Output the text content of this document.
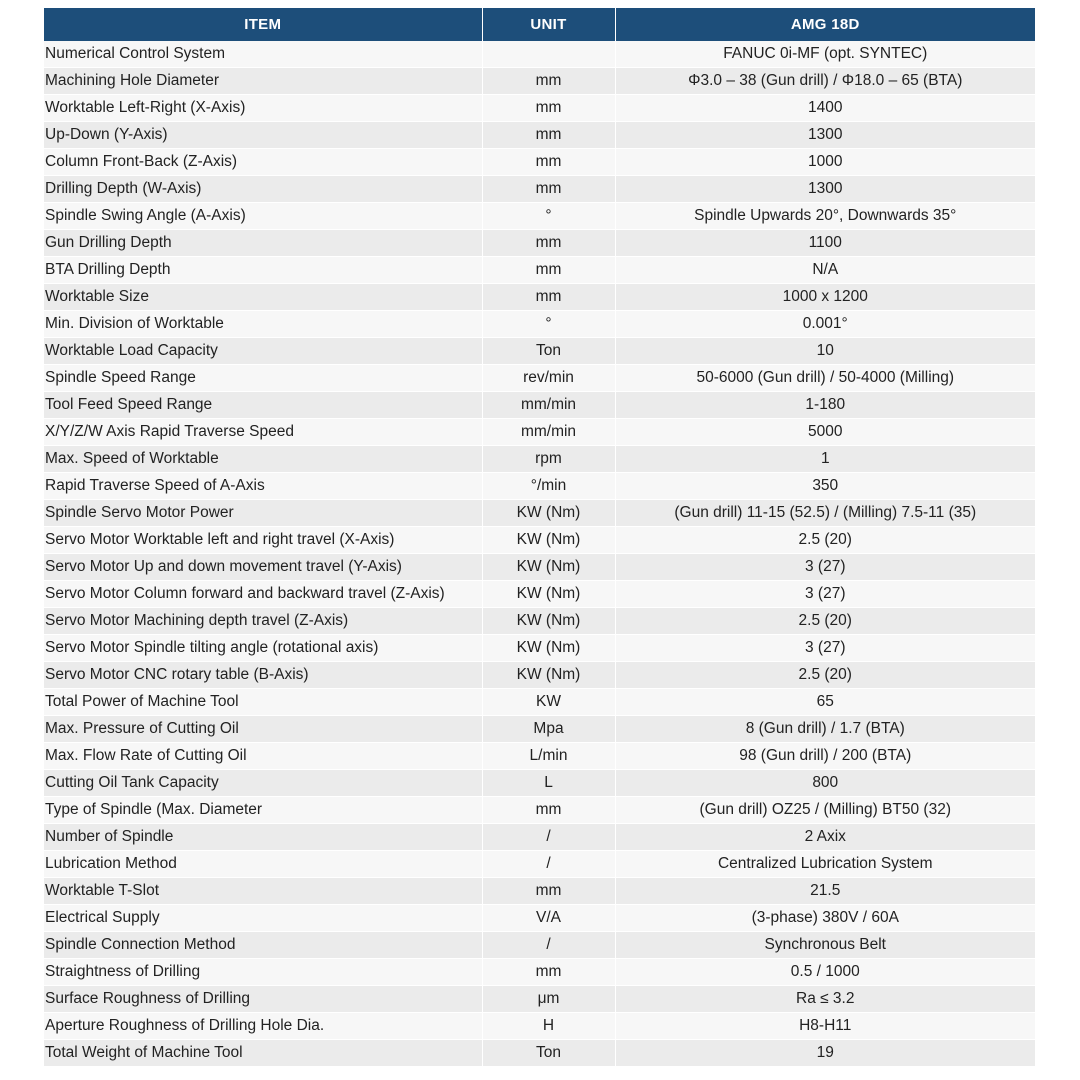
ITEM	UNIT	AMG 18D
Numerical Control System		FANUC 0i-MF (opt. SYNTEC)
Machining Hole Diameter	mm	Φ3.0 – 38 (Gun drill) / Φ18.0 – 65 (BTA)
Worktable Left-Right (X-Axis)	mm	1400
Up-Down (Y-Axis)	mm	1300
Column Front-Back (Z-Axis)	mm	1000
Drilling Depth (W-Axis)	mm	1300
Spindle Swing Angle (A-Axis)	°	Spindle Upwards 20°, Downwards 35°
Gun Drilling Depth	mm	1100
BTA Drilling Depth	mm	N/A
Worktable Size	mm	1000 x 1200
Min. Division of Worktable	°	0.001°
Worktable Load Capacity	Ton	10
Spindle Speed Range	rev/min	50-6000 (Gun drill) / 50-4000 (Milling)
Tool Feed Speed Range	mm/min	1-180
X/Y/Z/W Axis Rapid Traverse Speed	mm/min	5000
Max. Speed of Worktable	rpm	1
Rapid Traverse Speed of A-Axis	°/min	350
Spindle Servo Motor Power	KW (Nm)	(Gun drill) 11-15 (52.5) / (Milling) 7.5-11 (35)
Servo Motor Worktable left and right travel (X-Axis)	KW (Nm)	2.5 (20)
Servo Motor Up and down movement travel (Y-Axis)	KW (Nm)	3 (27)
Servo Motor Column forward and backward travel (Z-Axis)	KW (Nm)	3 (27)
Servo Motor Machining depth travel (Z-Axis)	KW (Nm)	2.5 (20)
Servo Motor Spindle tilting angle (rotational axis)	KW (Nm)	3 (27)
Servo Motor CNC rotary table (B-Axis)	KW (Nm)	2.5 (20)
Total Power of Machine Tool	KW	65
Max. Pressure of Cutting Oil	Mpa	8 (Gun drill) / 1.7 (BTA)
Max. Flow Rate of Cutting Oil	L/min	98 (Gun drill) / 200 (BTA)
Cutting Oil Tank Capacity	L	800
Type of Spindle (Max. Diameter	mm	(Gun drill) OZ25 / (Milling) BT50 (32)
Number of Spindle	/	2 Axix
Lubrication Method	/	Centralized Lubrication System
Worktable T-Slot	mm	21.5
Electrical Supply	V/A	(3-phase) 380V / 60A
Spindle Connection Method	/	Synchronous Belt
Straightness of Drilling	mm	0.5 / 1000
Surface Roughness of Drilling	μm	Ra ≤ 3.2
Aperture Roughness of Drilling Hole Dia.	H	H8-H11
Total Weight of Machine Tool	Ton	19
